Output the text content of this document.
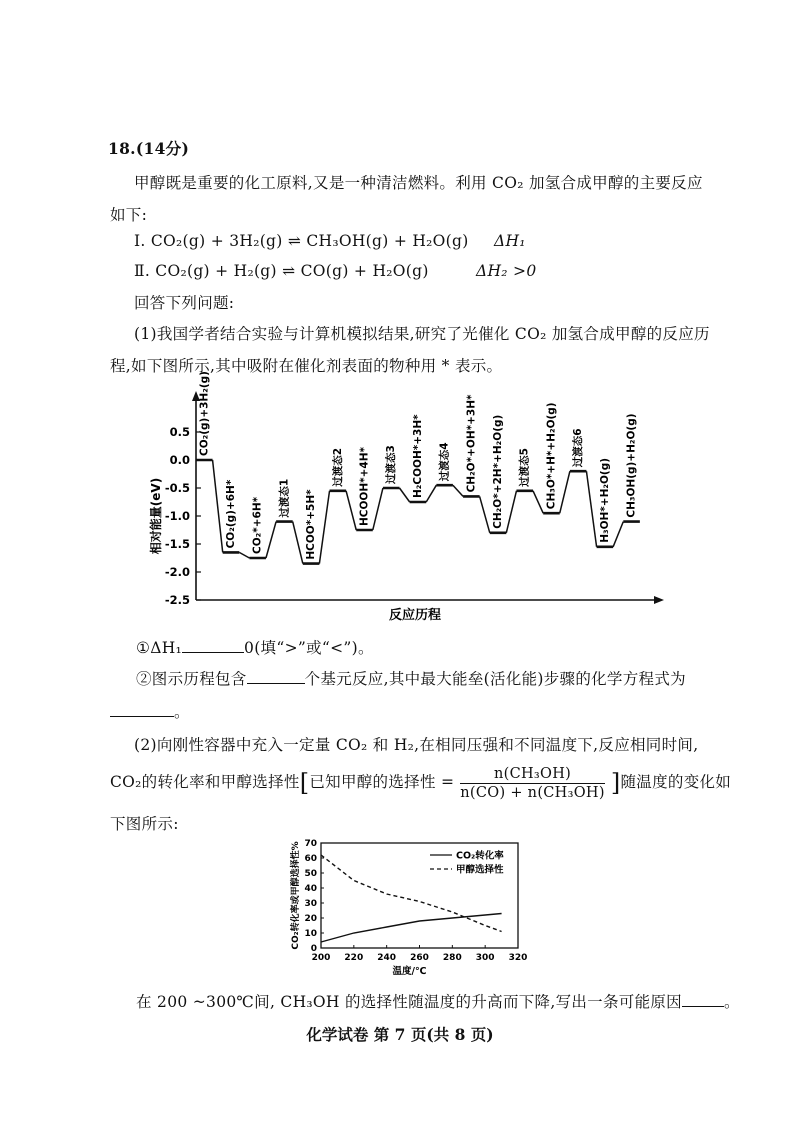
18.(14分)
甲醇既是重要的化工原料,又是一种清洁燃料。利用 CO₂ 加氢合成甲醇的主要反应
如下:
Ⅰ. CO₂(g) + 3H₂(g) ⇌ CH₃OH(g) + H₂O(g) ΔH₁
Ⅱ. CO₂(g) + H₂(g) ⇌ CO(g) + H₂O(g)	ΔH₂ >0
回答下列问题:
(1)我国学者结合实验与计算机模拟结果,研究了光催化 CO₂ 加氢合成甲醇的反应历
程,如下图所示,其中吸附在催化剂表面的物种用 * 表示。
0.5
0.0
-0.5
-1.0
-1.5
-2.0
-2.5
相对能量(eV)
反应历程
CO₂(g)+3H₂(g)
CO₂(g)+6H* CO₂*+6H* 过渡态1 HCOO*+5H*
过渡态2 HCOOH*+4H* 过渡态3 H₂COOH*+3H* 过渡态4 CH₂O*+OH*+3H* CH₂O*+2H*+H₂O(g) 过渡态5 CH₃O*+H*+H₂O(g) 过渡态6
H₃OH*+H₂O(g) CH₃OH(g)+H₂O(g)
①ΔH₁	0(填“>”或“<”)。
②图示历程包含	个基元反应,其中最大能垒(活化能)步骤的化学方程式为
。
(2)向刚性容器中充入一定量 CO₂ 和 H₂,在相同压强和不同温度下,反应相同时间,
CO₂的转化率和甲醇选择性[已知甲醇的选择性 = $\frac{\text{n(CH₃OH)}}{\text{n(CO) + n(CH₃OH)}}$ ]随温度的变化如
下图所示:
在 200 ~300℃间, CH₃OH 的选择性随温度的升高而下降,写出一条可能原因	。
化学试卷 第 7 页(共 8 页)
200 220 240 260 280 300 320
0
10
20
30
40
50
60
70
温度/℃
CO₂转化率或甲醇选择性%	CO₂转化率
甲醇选择性
